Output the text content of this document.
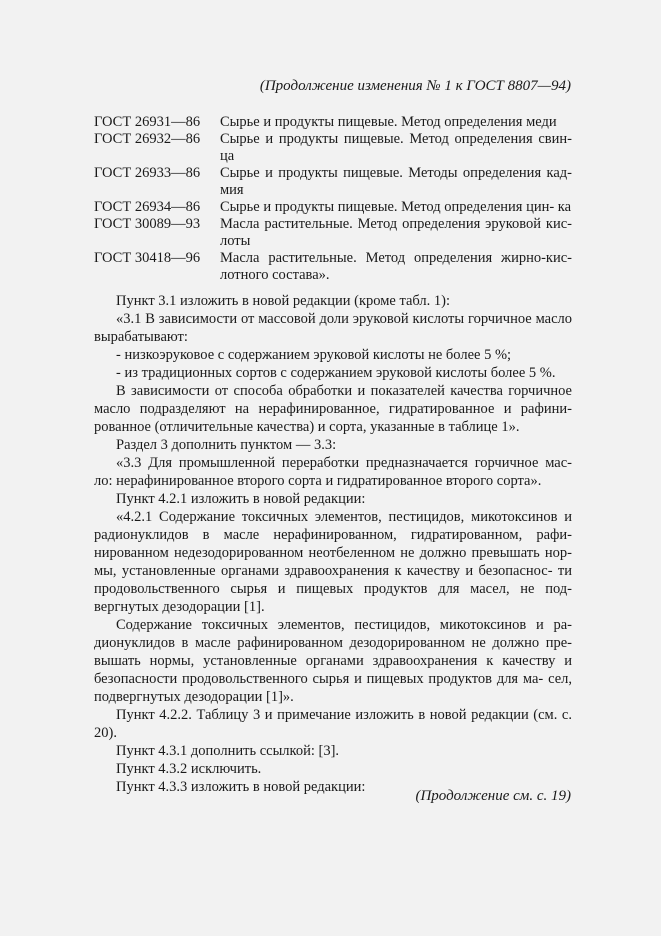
(Продолжение изменения № 1 к ГОСТ 8807—94)
ГОСТ 26931—86	Сырье и продукты пищевые. Метод определения меди
ГОСТ 26932—86	Сырье и продукты пищевые. Метод определения свин- ца
ГОСТ 26933—86	Сырье и продукты пищевые. Методы определения кад- мия
ГОСТ 26934—86	Сырье и продукты пищевые. Метод определения цин- ка
ГОСТ 30089—93	Масла растительные. Метод определения эруковой кис- лоты
ГОСТ 30418—96	Масла растительные. Метод определения жирно-кис- лотного состава».

Пункт 3.1 изложить в новой редакции (кроме табл. 1):

«3.1 В зависимости от массовой доли эруковой кислоты горчичное масло вырабатывают:

- низкоэруковое с содержанием эруковой кислоты не более 5 %;

- из традиционных сортов с содержанием эруковой кислоты более 5 %.

В зависимости от способа обработки и показателей качества горчичное масло подразделяют на нерафинированное, гидратированное и рафини- рованное (отличительные качества) и сорта, указанные в таблице 1».

Раздел 3 дополнить пунктом — 3.3:

«3.3 Для промышленной переработки предназначается горчичное мас- ло: нерафинированное второго сорта и гидратированное второго сорта».

Пункт 4.2.1 изложить в новой редакции:

«4.2.1 Содержание токсичных элементов, пестицидов, микотоксинов и радионуклидов в масле нерафинированном, гидратированном, рафи- нированном недезодорированном неотбеленном не должно превышать нор- мы, установленные органами здравоохранения к качеству и безопаснос- ти продовольственного сырья и пищевых продуктов для масел, не под- вергнутых дезодорации [1].

Содержание токсичных элементов, пестицидов, микотоксинов и ра- дионуклидов в масле рафинированном дезодорированном не должно пре- вышать нормы, установленные органами здравоохранения к качеству и безопасности продовольственного сырья и пищевых продуктов для ма- сел, подвергнутых дезодорации [1]».

Пункт 4.2.2. Таблицу 3 и примечание изложить в новой редакции (см. с. 20).

Пункт 4.3.1 дополнить ссылкой: [3].

Пункт 4.3.2 исключить.

Пункт 4.3.3 изложить в новой редакции:

(Продолжение см. с. 19)
